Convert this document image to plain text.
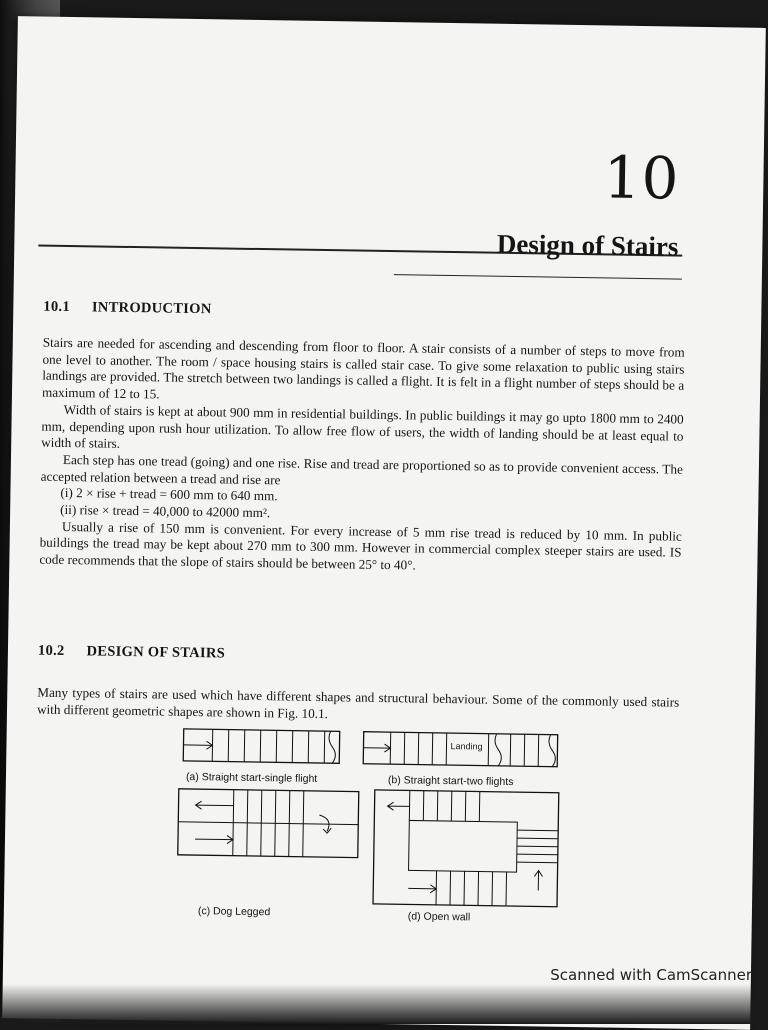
10
Design of Stairs
10.1 INTRODUCTION

Stairs are needed for ascending and descending from floor to floor. A stair consists of a number of steps to move from one level to another. The room / space housing stairs is called stair case. To give some relaxation to public using stairs landings are provided. The stretch between two landings is called a flight. It is felt in a flight number of steps should be a maximum of 12 to 15.

Width of stairs is kept at about 900 mm in residential buildings. In public buildings it may go upto 1800 mm to 2400 mm, depending upon rush hour utilization. To allow free flow of users, the width of landing should be at least equal to width of stairs.

Each step has one tread (going) and one rise. Rise and tread are proportioned so as to provide convenient access. The accepted relation between a tread and rise are

(i) 2 × rise + tread = 600 mm to 640 mm.

(ii) rise × tread = 40,000 to 42000 mm².

Usually a rise of 150 mm is convenient. For every increase of 5 mm rise tread is reduced by 10 mm. In public buildings the tread may be kept about 270 mm to 300 mm. However in commercial complex steeper stairs are used. IS code recommends that the slope of stairs should be between 25° to 40°.

10.2 DESIGN OF STAIRS
Many types of stairs are used which have different shapes and structural behaviour. Some of the commonly used stairs with different geometric shapes are shown in Fig. 10.1.
(a) Straight start-single flight
Landing
(b) Straight start-two flights
(c) Dog Legged	(d) Open wall
Scanned with CamScanner
